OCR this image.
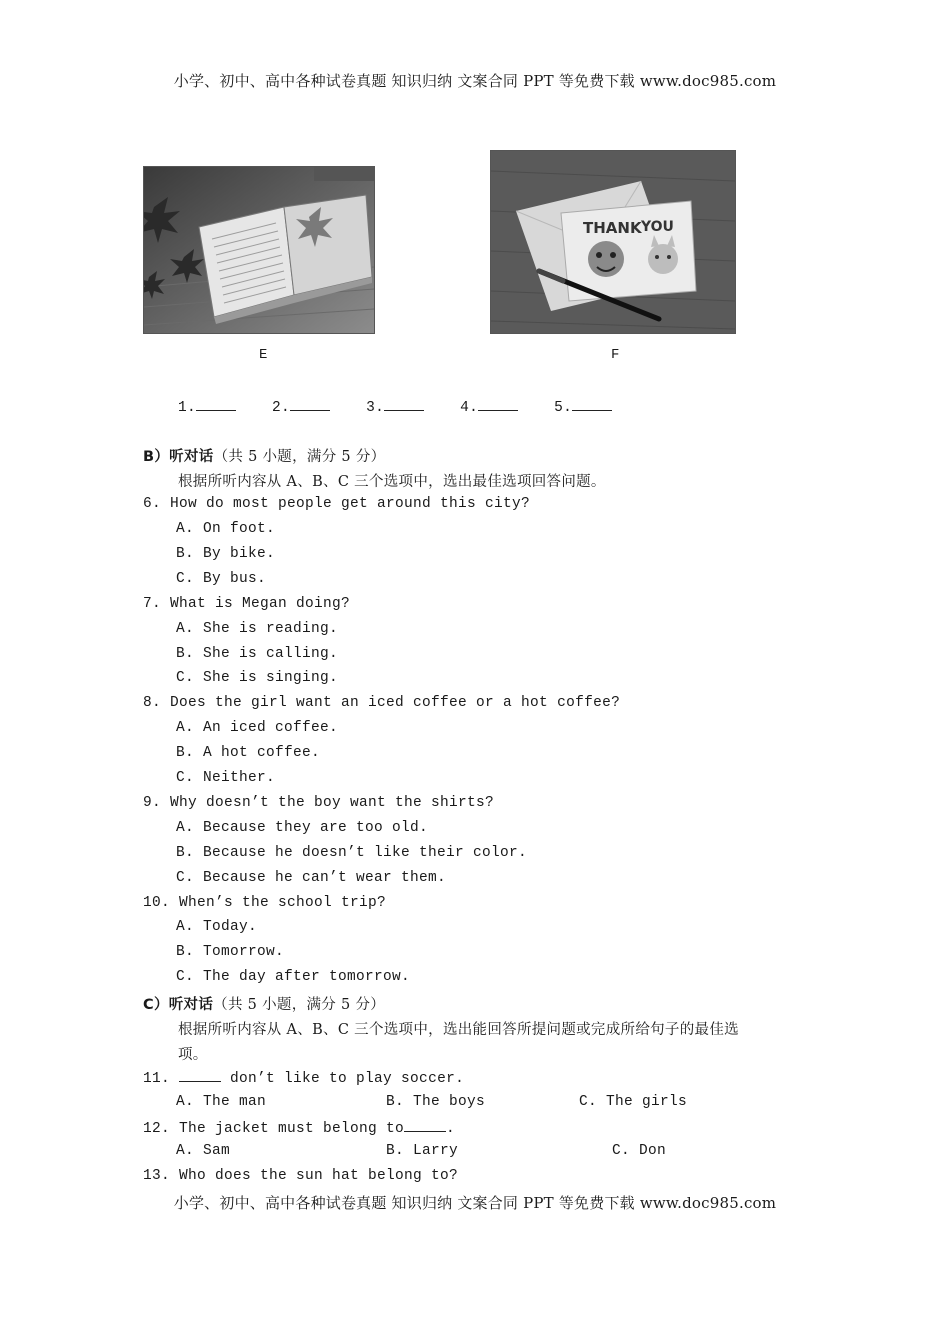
小学、初中、高中各种试卷真题 知识归纳 文案合同 PPT 等免费下载 www.doc985.com
E
THANK YOU
F
1.	2.	3.	4.	5.
B）听对话（共 5 小题，满分 5 分）
根据所听内容从 A、B、C 三个选项中，选出最佳选项回答问题。
6. How do most people get around this city?
A. On foot.
B. By bike.
C. By bus.
7. What is Megan doing?
A. She is reading.
B. She is calling.
C. She is singing.
8. Does the girl want an iced coffee or a hot coffee?
A. An iced coffee.
B. A hot coffee.
C. Neither.
9. Why doesn’t the boy want the shirts?
A. Because they are too old.
B. Because he doesn’t like their color.
C. Because he can’t wear them.
10. When’s the school trip?
A. Today.
B. Tomorrow.
C. The day after tomorrow.
C）听对话（共 5 小题，满分 5 分）
根据所听内容从 A、B、C 三个选项中，选出能回答所提问题或完成所给句子的最佳选
项。
11.	don’t like to play soccer.
A. The man	B. The boys	C. The girls
12. The jacket must belong to	.
A. Sam	B. Larry	C. Don
13. Who does the sun hat belong to?
小学、初中、高中各种试卷真题 知识归纳 文案合同 PPT 等免费下载 www.doc985.com
